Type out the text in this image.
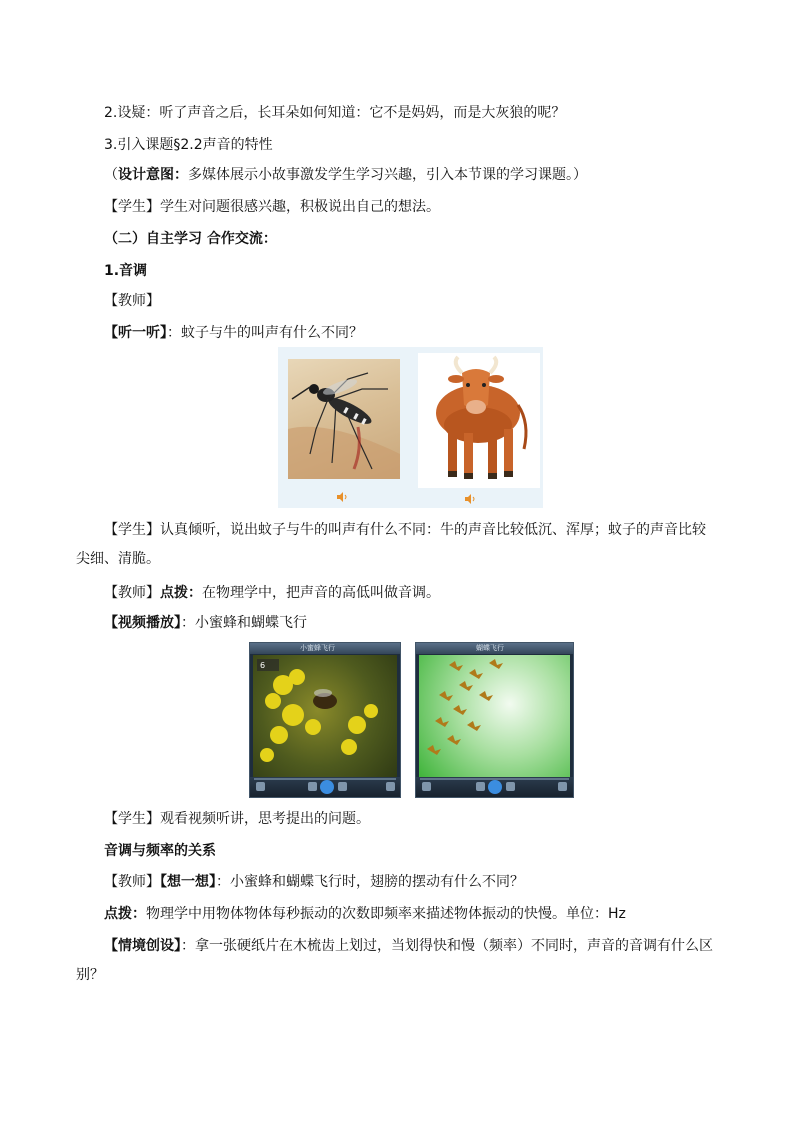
2.设疑：听了声音之后，长耳朵如何知道：它不是妈妈，而是大灰狼的呢？
3.引入课题§2.2声音的特性
（设计意图：多媒体展示小故事激发学生学习兴趣，引入本节课的学习课题。）
【学生】学生对问题很感兴趣，积极说出自己的想法。
（二）自主学习 合作交流：
1.音调
【教师】
【听一听】：蚊子与牛的叫声有什么不同？
【学生】认真倾听，说出蚊子与牛的叫声有什么不同：牛的声音比较低沉、浑厚；蚊子的声音比较尖细、清脆。
【教师】点拨：在物理学中，把声音的高低叫做音调。
【视频播放】：小蜜蜂和蝴蝶飞行
小蜜蜂飞行
6
蝴蝶飞行
【学生】观看视频听讲，思考提出的问题。
音调与频率的关系
【教师】【想一想】：小蜜蜂和蝴蝶飞行时，翅膀的摆动有什么不同？
点拨：物理学中用物体物体每秒振动的次数即频率来描述物体振动的快慢。单位：Hz
【情境创设】：拿一张硬纸片在木梳齿上划过，当划得快和慢（频率）不同时，声音的音调有什么区别？
